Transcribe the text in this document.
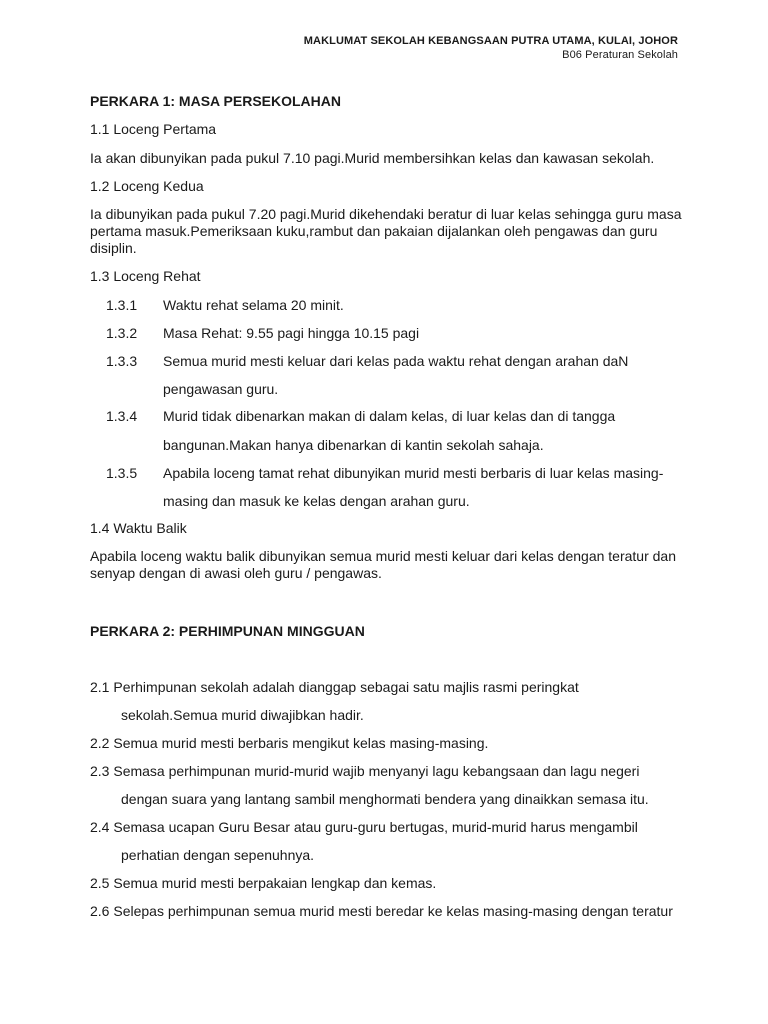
MAKLUMAT SEKOLAH KEBANGSAAN PUTRA UTAMA, KULAI, JOHOR
B06 Peraturan Sekolah
PERKARA 1: MASA PERSEKOLAHAN
1.1 Loceng Pertama
Ia akan dibunyikan pada pukul 7.10 pagi.Murid membersihkan kelas dan kawasan sekolah.
1.2 Loceng Kedua
Ia dibunyikan pada pukul 7.20 pagi.Murid dikehendaki beratur di luar kelas sehingga guru masa pertama masuk.Pemeriksaan kuku,rambut dan pakaian dijalankan oleh pengawas dan guru disiplin.
1.3 Loceng Rehat
1.3.1 Waktu rehat selama 20 minit.
1.3.2 Masa Rehat: 9.55 pagi hingga 10.15 pagi
1.3.3 Semua murid mesti keluar dari kelas pada waktu rehat dengan arahan daN
pengawasan guru.
1.3.4 Murid tidak dibenarkan makan di dalam kelas, di luar kelas dan di tangga
bangunan.Makan hanya dibenarkan di kantin sekolah sahaja.
1.3.5 Apabila loceng tamat rehat dibunyikan murid mesti berbaris di luar kelas masing-
masing dan masuk ke kelas dengan arahan guru.
1.4 Waktu Balik
Apabila loceng waktu balik dibunyikan semua murid mesti keluar dari kelas dengan teratur dan senyap dengan di awasi oleh guru / pengawas.
PERKARA 2: PERHIMPUNAN MINGGUAN
2.1 Perhimpunan sekolah adalah dianggap sebagai satu majlis rasmi peringkat
sekolah.Semua murid diwajibkan hadir.
2.2 Semua murid mesti berbaris mengikut kelas masing-masing.
2.3 Semasa perhimpunan murid-murid wajib menyanyi lagu kebangsaan dan lagu negeri
dengan suara yang lantang sambil menghormati bendera yang dinaikkan semasa itu.
2.4 Semasa ucapan Guru Besar atau guru-guru bertugas, murid-murid harus mengambil
perhatian dengan sepenuhnya.
2.5 Semua murid mesti berpakaian lengkap dan kemas.
2.6 Selepas perhimpunan semua murid mesti beredar ke kelas masing-masing dengan teratur
